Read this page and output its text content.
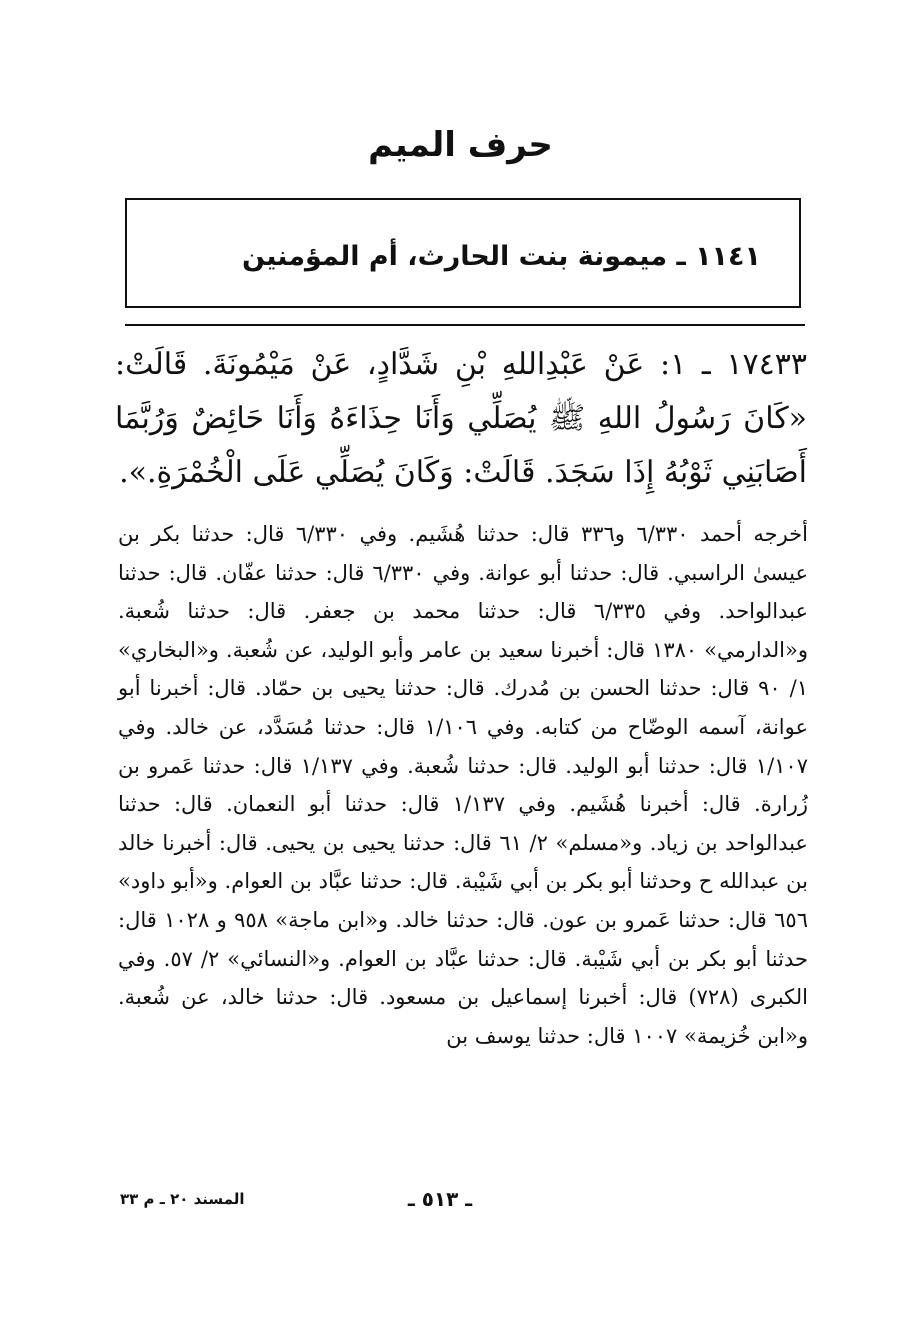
حرف الميم
١١٤١ ـ ميمونة بنت الحارث، أم المؤمنين
١٧٤٣٣ ـ ١: عَنْ عَبْدِاللهِ بْنِ شَدَّادٍ، عَنْ مَيْمُونَةَ. قَالَتْ: «كَانَ رَسُولُ اللهِ ﷺ يُصَلِّي وَأَنَا حِذَاءَهُ وَأَنَا حَائِضٌ وَرُبَّمَا أَصَابَنِي ثَوْبُهُ إِذَا سَجَدَ. قَالَتْ: وَكَانَ يُصَلِّي عَلَى الْخُمْرَةِ.».
أخرجه أحمد ٦/٣٣٠ و٣٣٦ قال: حدثنا هُشَيم. وفي ٦/٣٣٠ قال: حدثنا بكر بن عيسىٰ الراسبي. قال: حدثنا أبو عوانة. وفي ٦/٣٣٠ قال: حدثنا عفّان. قال: حدثنا عبدالواحد. وفي ٦/٣٣٥ قال: حدثنا محمد بن جعفر. قال: حدثنا شُعبة. و«الدارمي» ١٣٨٠ قال: أخبرنا سعيد بن عامر وأبو الوليد، عن شُعبة. و«البخاري» ١/ ٩٠ قال: حدثنا الحسن بن مُدرك. قال: حدثنا يحيى بن حمّاد. قال: أخبرنا أبو عوانة، آسمه الوضّاح من كتابه. وفي ١/١٠٦ قال: حدثنا مُسَدَّد، عن خالد. وفي ١/١٠٧ قال: حدثنا أبو الوليد. قال: حدثنا شُعبة. وفي ١/١٣٧ قال: حدثنا عَمرو بن زُرارة. قال: أخبرنا هُشَيم. وفي ١/١٣٧ قال: حدثنا أبو النعمان. قال: حدثنا عبدالواحد بن زياد. و«مسلم» ٢/ ٦١ قال: حدثنا يحيى بن يحيى. قال: أخبرنا خالد بن عبدالله ح وحدثنا أبو بكر بن أبي شَيْبة. قال: حدثنا عبَّاد بن العوام. و«أبو داود» ٦٥٦ قال: حدثنا عَمرو بن عون. قال: حدثنا خالد. و«ابن ماجة» ٩٥٨ و ١٠٢٨ قال: حدثنا أبو بكر بن أبي شَيْبة. قال: حدثنا عبَّاد بن العوام. و«النسائي» ٢/ ٥٧. وفي الكبرى (٧٢٨) قال: أخبرنا إسماعيل بن مسعود. قال: حدثنا خالد، عن شُعبة. و«ابن خُزيمة» ١٠٠٧ قال: حدثنا يوسف بن
ـ ٥١٣ ـ
المسند ٢٠ ـ م ٣٣
